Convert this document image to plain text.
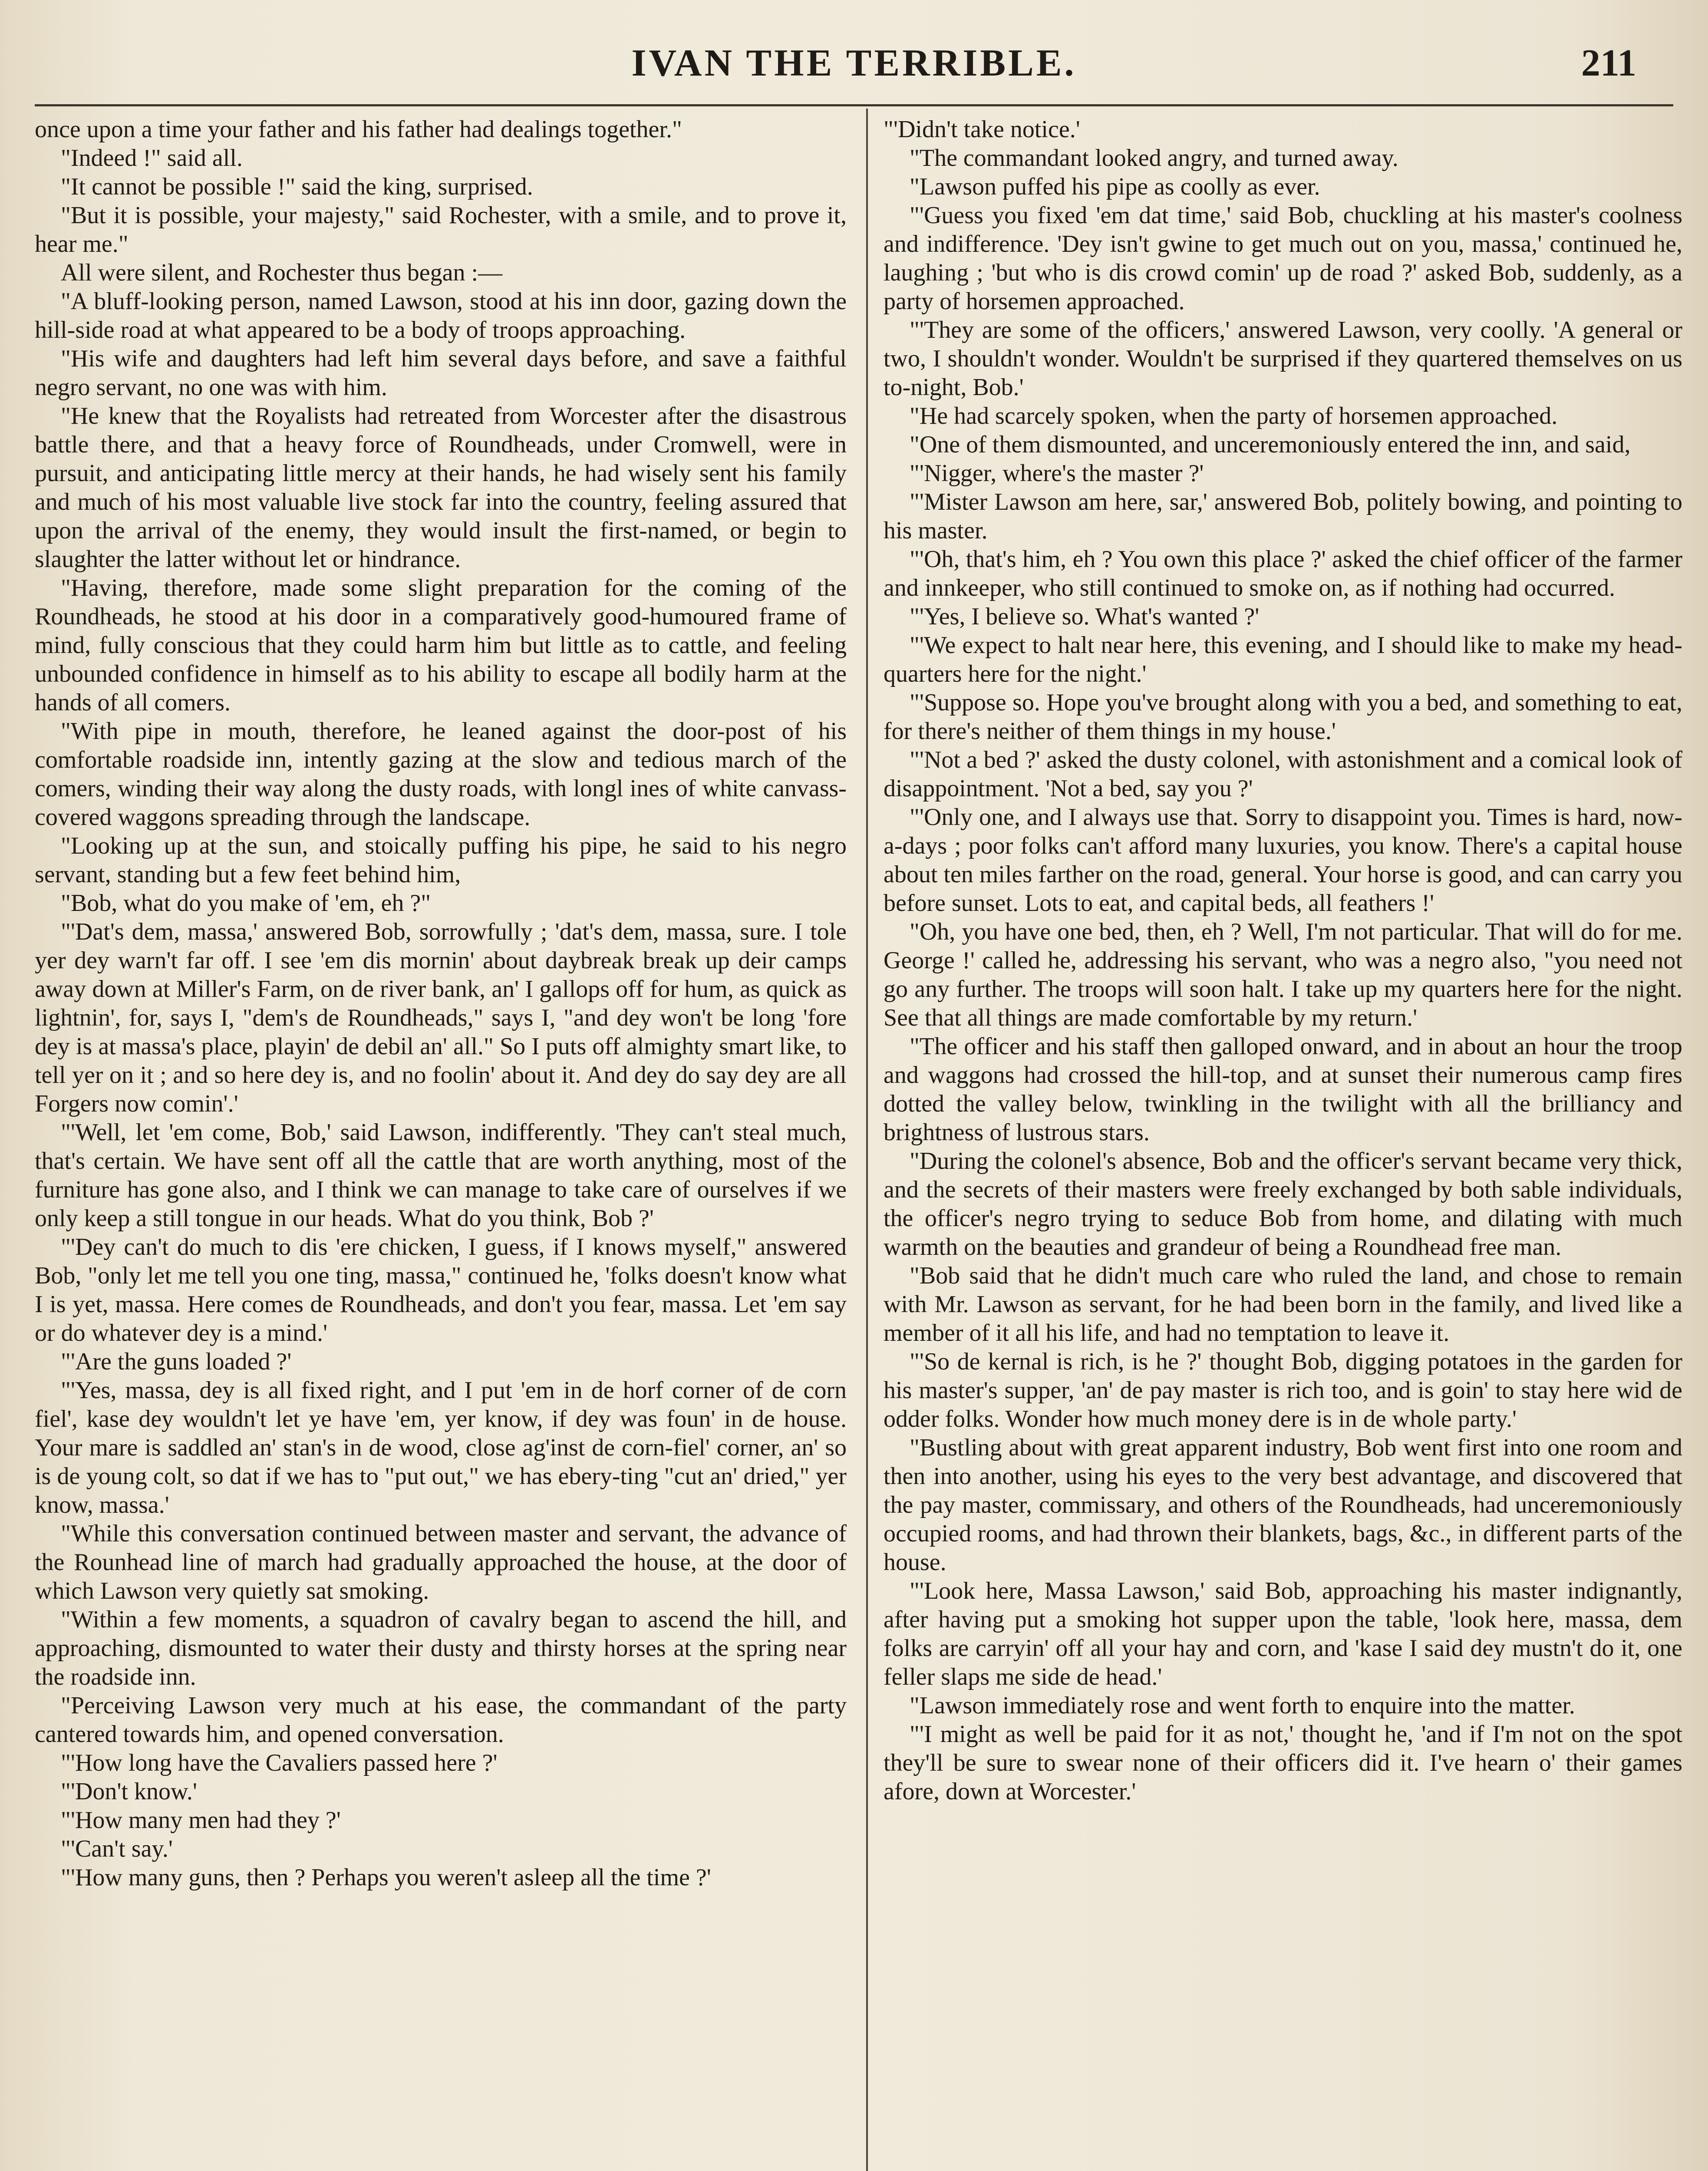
IVAN THE TERRIBLE.	211

once upon a time your father and his father had dealings together."

"Indeed !" said all.

"It cannot be possible !" said the king, surprised.

"But it is possible, your majesty," said Rochester, with a smile, and to prove it, hear me."

All were silent, and Rochester thus began :—

"A bluff-looking person, named Lawson, stood at his inn door, gazing down the hill-side road at what appeared to be a body of troops approaching.

"His wife and daughters had left him several days before, and save a faithful negro servant, no one was with him.

"He knew that the Royalists had retreated from Worcester after the disastrous battle there, and that a heavy force of Roundheads, under Cromwell, were in pursuit, and anticipating little mercy at their hands, he had wisely sent his family and much of his most valuable live stock far into the country, feeling assured that upon the arrival of the enemy, they would insult the first-named, or begin to slaughter the latter without let or hindrance.

"Having, therefore, made some slight preparation for the coming of the Roundheads, he stood at his door in a comparatively good-humoured frame of mind, fully conscious that they could harm him but little as to cattle, and feeling unbounded confidence in himself as to his ability to escape all bodily harm at the hands of all comers.

"With pipe in mouth, therefore, he leaned against the door-post of his comfortable roadside inn, intently gazing at the slow and tedious march of the comers, winding their way along the dusty roads, with longl ines of white canvass-covered waggons spreading through the landscape.

"Looking up at the sun, and stoically puffing his pipe, he said to his negro servant, standing but a few feet behind him,

"Bob, what do you make of 'em, eh ?"

"'Dat's dem, massa,' answered Bob, sorrowfully ; 'dat's dem, massa, sure. I tole yer dey warn't far off. I see 'em dis mornin' about daybreak break up deir camps away down at Miller's Farm, on de river bank, an' I gallops off for hum, as quick as lightnin', for, says I, "dem's de Roundheads," says I, "and dey won't be long 'fore dey is at massa's place, playin' de debil an' all." So I puts off almighty smart like, to tell yer on it ; and so here dey is, and no foolin' about it. And dey do say dey are all Forgers now comin'.'

"'Well, let 'em come, Bob,' said Lawson, indifferently. 'They can't steal much, that's certain. We have sent off all the cattle that are worth anything, most of the furniture has gone also, and I think we can manage to take care of ourselves if we only keep a still tongue in our heads. What do you think, Bob ?'

"'Dey can't do much to dis 'ere chicken, I guess, if I knows myself," answered Bob, "only let me tell you one ting, massa," continued he, 'folks doesn't know what I is yet, massa. Here comes de Roundheads, and don't you fear, massa. Let 'em say or do whatever dey is a mind.'

"'Are the guns loaded ?'

"'Yes, massa, dey is all fixed right, and I put 'em in de horf corner of de corn fiel', kase dey wouldn't let ye have 'em, yer know, if dey was foun' in de house. Your mare is saddled an' stan's in de wood, close ag'inst de corn-fiel' corner, an' so is de young colt, so dat if we has to "put out," we has ebery-ting "cut an' dried," yer know, massa.'

"While this conversation continued between master and servant, the advance of the Rounhead line of march had gradually approached the house, at the door of which Lawson very quietly sat smoking.

"Within a few moments, a squadron of cavalry began to ascend the hill, and approaching, dismounted to water their dusty and thirsty horses at the spring near the roadside inn.

"Perceiving Lawson very much at his ease, the commandant of the party cantered towards him, and opened conversation.

"'How long have the Cavaliers passed here ?'

"'Don't know.'

"'How many men had they ?'

"'Can't say.'

"'How many guns, then ? Perhaps you weren't asleep all the time ?'

"'Didn't take notice.'

"The commandant looked angry, and turned away.

"Lawson puffed his pipe as coolly as ever.

"'Guess you fixed 'em dat time,' said Bob, chuckling at his master's coolness and indifference. 'Dey isn't gwine to get much out on you, massa,' continued he, laughing ; 'but who is dis crowd comin' up de road ?' asked Bob, suddenly, as a party of horsemen approached.

"'They are some of the officers,' answered Lawson, very coolly. 'A general or two, I shouldn't wonder. Wouldn't be surprised if they quartered themselves on us to-night, Bob.'

"He had scarcely spoken, when the party of horsemen approached.

"One of them dismounted, and unceremoniously entered the inn, and said,

"'Nigger, where's the master ?'

"'Mister Lawson am here, sar,' answered Bob, politely bowing, and pointing to his master.

"'Oh, that's him, eh ? You own this place ?' asked the chief officer of the farmer and innkeeper, who still continued to smoke on, as if nothing had occurred.

"'Yes, I believe so. What's wanted ?'

"'We expect to halt near here, this evening, and I should like to make my head-quarters here for the night.'

"'Suppose so. Hope you've brought along with you a bed, and something to eat, for there's neither of them things in my house.'

"'Not a bed ?' asked the dusty colonel, with astonishment and a comical look of disappointment. 'Not a bed, say you ?'

"'Only one, and I always use that. Sorry to disappoint you. Times is hard, now-a-days ; poor folks can't afford many luxuries, you know. There's a capital house about ten miles farther on the road, general. Your horse is good, and can carry you before sunset. Lots to eat, and capital beds, all feathers !'

"Oh, you have one bed, then, eh ? Well, I'm not particular. That will do for me. George !' called he, addressing his servant, who was a negro also, "you need not go any further. The troops will soon halt. I take up my quarters here for the night. See that all things are made comfortable by my return.'

"The officer and his staff then galloped onward, and in about an hour the troop and waggons had crossed the hill-top, and at sunset their numerous camp fires dotted the valley below, twinkling in the twilight with all the brilliancy and brightness of lustrous stars.

"During the colonel's absence, Bob and the officer's servant became very thick, and the secrets of their masters were freely exchanged by both sable individuals, the officer's negro trying to seduce Bob from home, and dilating with much warmth on the beauties and grandeur of being a Roundhead free man.

"Bob said that he didn't much care who ruled the land, and chose to remain with Mr. Lawson as servant, for he had been born in the family, and lived like a member of it all his life, and had no temptation to leave it.

"'So de kernal is rich, is he ?' thought Bob, digging potatoes in the garden for his master's supper, 'an' de pay master is rich too, and is goin' to stay here wid de odder folks. Wonder how much money dere is in de whole party.'

"Bustling about with great apparent industry, Bob went first into one room and then into another, using his eyes to the very best advantage, and discovered that the pay master, commissary, and others of the Roundheads, had unceremoniously occupied rooms, and had thrown their blankets, bags, &c., in different parts of the house.

"'Look here, Massa Lawson,' said Bob, approaching his master indignantly, after having put a smoking hot supper upon the table, 'look here, massa, dem folks are carryin' off all your hay and corn, and 'kase I said dey mustn't do it, one feller slaps me side de head.'

"Lawson immediately rose and went forth to enquire into the matter.

"'I might as well be paid for it as not,' thought he, 'and if I'm not on the spot they'll be sure to swear none of their officers did it. I've hearn o' their games afore, down at Worcester.'
